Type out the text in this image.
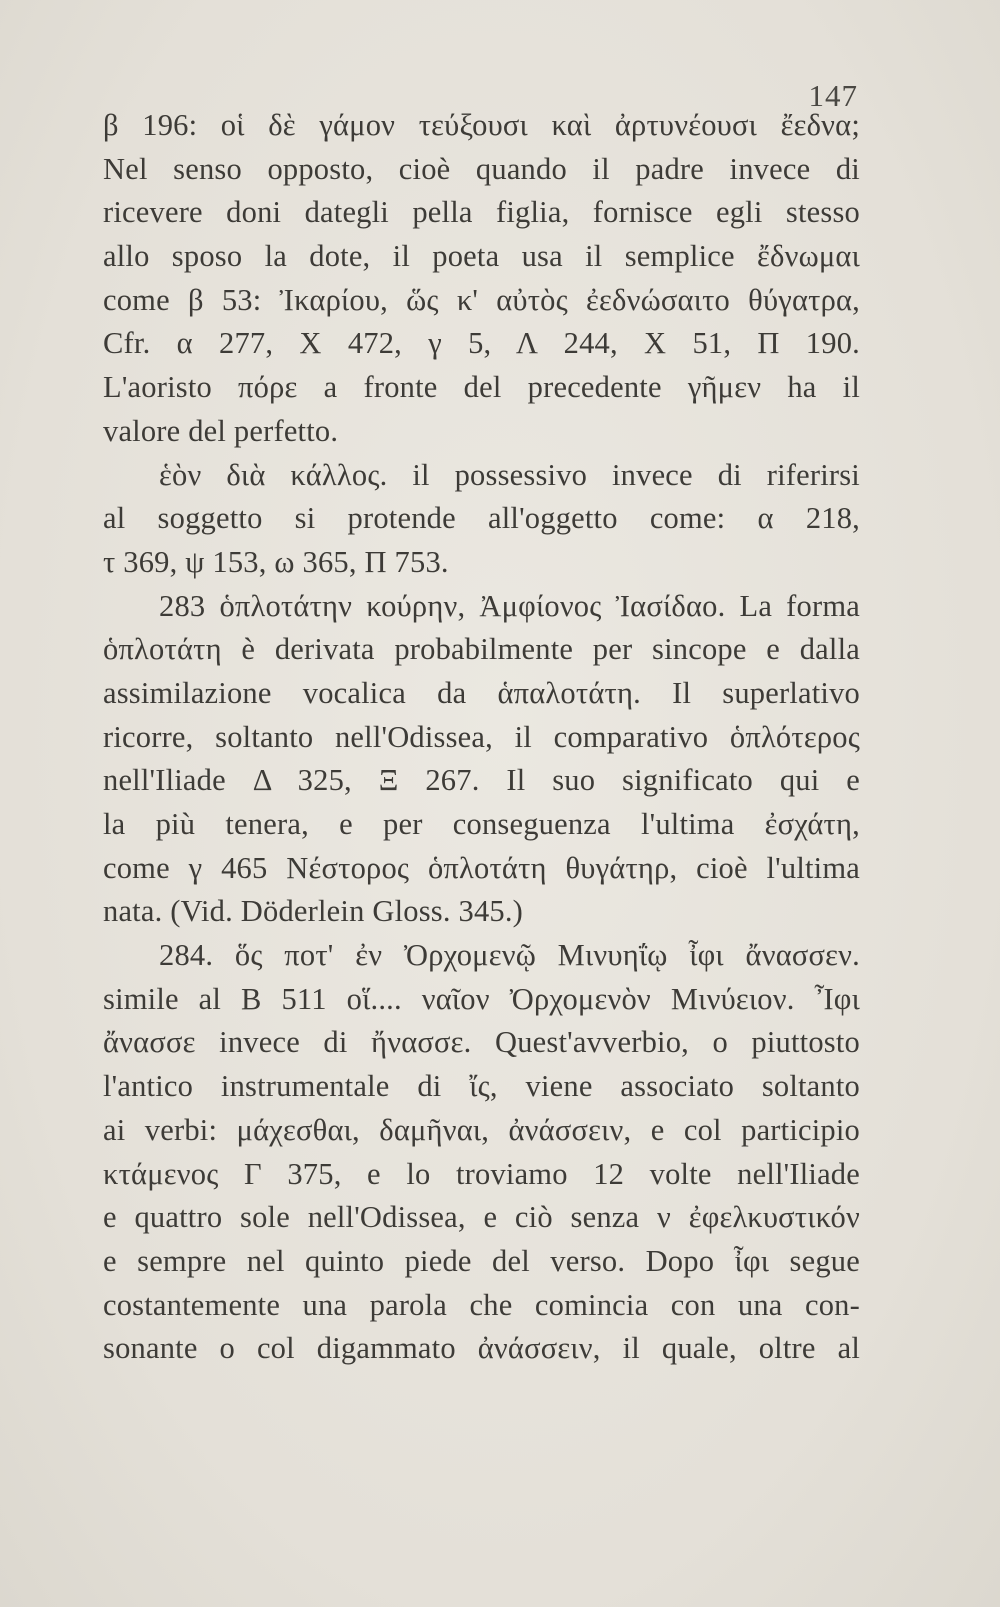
147
β 196: οἱ δὲ γάμον τεύξουσι καὶ ἀρτυνέουσι ἔεδνα;
Nel senso opposto, cioè quando il padre invece di
ricevere doni dategli pella figlia, fornisce egli stesso
allo sposo la dote, il poeta usa il semplice ἔδνωμαι
come β 53: Ἰκαρίου, ὥς κ' αὐτὸς ἐεδνώσαιτο θύγατρα,
Cfr. α 277, Χ 472, γ 5, Λ 244, Χ 51, Π 190.
L'aoristo πόρε a fronte del precedente γῆμεν ha il
valore del perfetto.
ἑὸν διὰ κάλλος. il possessivo invece di riferirsi
al soggetto si protende all'oggetto come: α 218,
τ 369, ψ 153, ω 365, Π 753.
283 ὁπλοτάτην κούρην, Ἀμφίονος Ἰασίδαο. La forma
ὁπλοτάτη è derivata probabilmente per sincope e dalla
assimilazione vocalica da ἁπαλοτάτη. Il superlativo
ricorre, soltanto nell'Odissea, il comparativo ὁπλότερος
nell'Iliade Δ 325, Ξ 267. Il suo significato qui e
la più tenera, e per conseguenza l'ultima ἐσχάτη,
come γ 465 Νέστορος ὁπλοτάτη θυγάτηρ, cioè l'ultima
nata. (Vid. Döderlein Gloss. 345.)
284. ὅς ποτ' ἐν Ὀρχομενῷ Μινυηΐῳ ἶφι ἄνασσεν.
simile al Β 511 οἵ.... ναῖον Ὀρχομενὸν Μινύειον. Ἶφι
ἄνασσε invece di ἤνασσε. Quest'avverbio, o piuttosto
l'antico instrumentale di ἴς, viene associato soltanto
ai verbi: μάχεσθαι, δαμῆναι, ἀνάσσειν, e col participio
κτάμενος Γ 375, e lo troviamo 12 volte nell'Iliade
e quattro sole nell'Odissea, e ciò senza ν ἐφελκυστικόν
e sempre nel quinto piede del verso. Dopo ἶφι segue
costantemente una parola che comincia con una con-
sonante o col digammato ἀνάσσειν, il quale, oltre al
